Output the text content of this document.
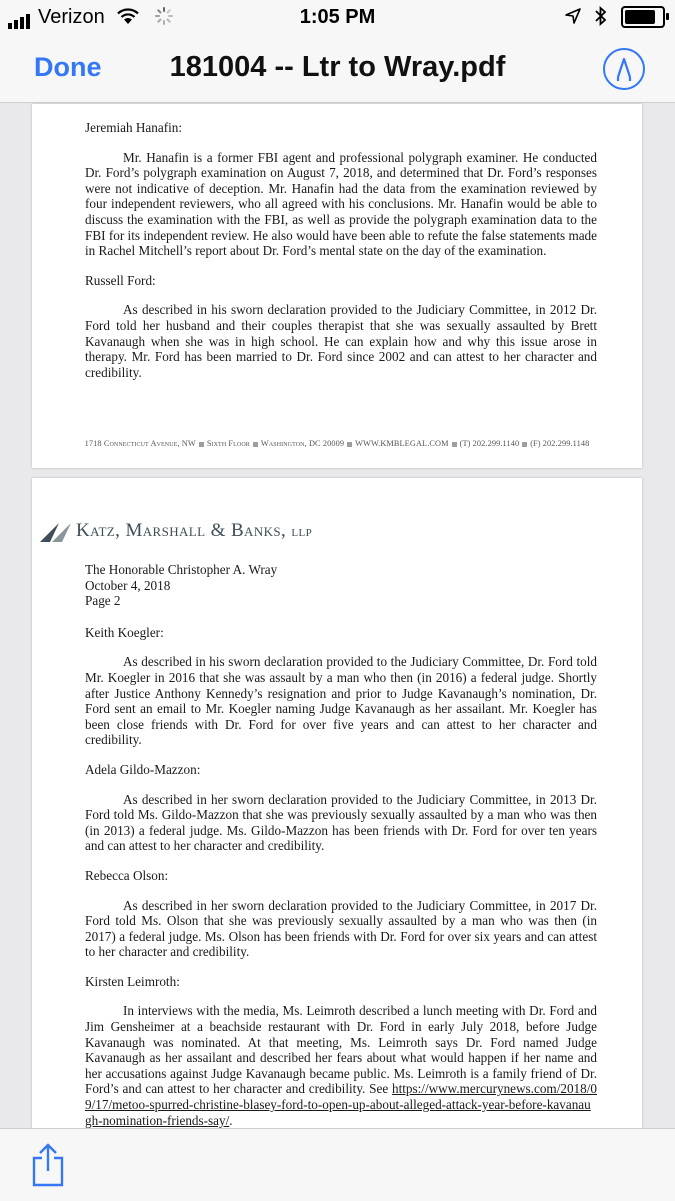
Verizon	1:05 PM

Done	181004 -- Ltr to Wray.pdf

Jeremiah Hanafin:

Mr. Hanafin is a former FBI agent and professional polygraph examiner. He conducted Dr. Ford’s polygraph examination on August 7, 2018, and determined that Dr. Ford’s responses were not indicative of deception. Mr. Hanafin had the data from the examination reviewed by four independent reviewers, who all agreed with his conclusions. Mr. Hanafin would be able to discuss the examination with the FBI, as well as provide the polygraph examination data to the FBI for its independent review. He also would have been able to refute the false statements made in Rachel Mitchell’s report about Dr. Ford’s mental state on the day of the examination.

Russell Ford:

As described in his sworn declaration provided to the Judiciary Committee, in 2012 Dr. Ford told her husband and their couples therapist that she was sexually assaulted by Brett Kavanaugh when she was in high school. He can explain how and why this issue arose in therapy. Mr. Ford has been married to Dr. Ford since 2002 and can attest to her character and credibility.

1718 Connecticut Avenue, NW Sixth Floor Washington, DC 20009 WWW.KMBLEGAL.COM (T) 202.299.1140 (F) 202.299.1148
Katz, Marshall & Banks, LLP
The Honorable Christopher A. Wray
October 4, 2018
Page 2

Keith Koegler:

As described in his sworn declaration provided to the Judiciary Committee, Dr. Ford told Mr. Koegler in 2016 that she was assault by a man who then (in 2016) a federal judge. Shortly after Justice Anthony Kennedy’s resignation and prior to Judge Kavanaugh’s nomination, Dr. Ford sent an email to Mr. Koegler naming Judge Kavanaugh as her assailant. Mr. Koegler has been close friends with Dr. Ford for over five years and can attest to her character and credibility.

Adela Gildo-Mazzon:

As described in her sworn declaration provided to the Judiciary Committee, in 2013 Dr. Ford told Ms. Gildo-Mazzon that she was previously sexually assaulted by a man who was then (in 2013) a federal judge. Ms. Gildo-Mazzon has been friends with Dr. Ford for over ten years and can attest to her character and credibility.

Rebecca Olson:

As described in her sworn declaration provided to the Judiciary Committee, in 2017 Dr. Ford told Ms. Olson that she was previously sexually assaulted by a man who was then (in 2017) a federal judge. Ms. Olson has been friends with Dr. Ford for over six years and can attest to her character and credibility.

Kirsten Leimroth:

In interviews with the media, Ms. Leimroth described a lunch meeting with Dr. Ford and Jim Gensheimer at a beachside restaurant with Dr. Ford in early July 2018, before Judge Kavanaugh was nominated. At that meeting, Ms. Leimroth says Dr. Ford named Judge Kavanaugh as her assailant and described her fears about what would happen if her name and her accusations against Judge Kavanaugh became public. Ms. Leimroth is a family friend of Dr. Ford’s and can attest to her character and credibility. See https://www.mercurynews.com/2018/09/17/metoo-spurred-christine-blasey-ford-to-open-up-about-alleged-attack-year-before-kavanaugh-nomination-friends-say/.
